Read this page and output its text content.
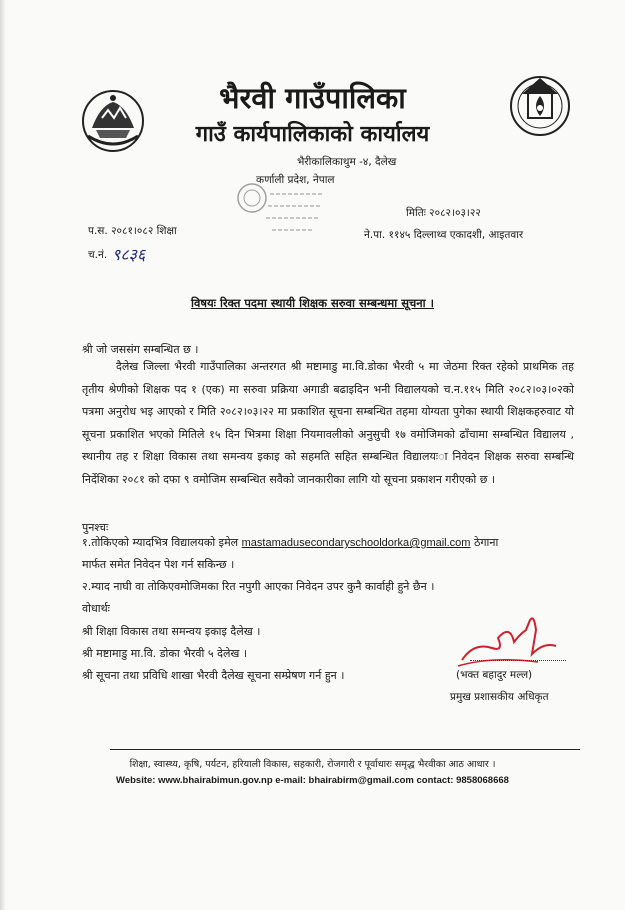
भैरवी गाउँपालिका
गाउँ कार्यपालिकाको कार्यालय
भैरीकालिकाथुम -४, दैलेख
कर्णाली प्रदेश, नेपाल
प.स. २०८१।०८२ शिक्षा
च.नं. ९८३६
मितिः २०८२।०३।२२
ने.पा. ११४५ दिल्लाथ्व एकादशी, आइतवार
विषयः रिक्त पदमा स्थायी शिक्षक सरुवा सम्बन्धमा सूचना ।
श्री जो जससंग सम्बन्धित छ ।
दैलेख जिल्ला भैरवी गाउँपालिका अन्तरगत श्री मष्टामाडु मा.वि.डोका भैरवी ५ मा जेठमा रिक्त रहेको प्राथमिक तह तृतीय श्रेणीको शिक्षक पद १ (एक) मा सरुवा प्रक्रिया अगाडी बढाइदिन भनी विद्यालयको च.न.११५ मिति २०८२।०३।०२को पत्रमा अनुरोध भइ आएको र मिति २०८२।०३।२२ मा प्रकाशित सूचना सम्बन्धित तहमा योग्यता पुगेका स्थायी शिक्षकहरुवाट यो सूचना प्रकाशित भएको मितिले १५ दिन भित्रमा शिक्षा नियमावलीको अनुसुची १७ वमोजिमको ढाँचामा सम्बन्धित विद्यालय , स्थानीय तह र शिक्षा विकास तथा समन्वय इकाइ को सहमति सहित सम्बन्धित विद्यालयःा निवेदन शिक्षक सरुवा सम्बन्धि निर्देशिका २०८१ को दफा ९ वमोजिम सम्बन्धित सवैको जानकारीका लागि यो सूचना प्रकाशन गरीएको छ ।
पुनश्चः
१.तोकिएको म्यादभित्र विद्यालयको इमेल mastamadusecondaryschooldorka@gmail.com ठेगाना
मार्फत समेत निवेदन पेश गर्न सकिन्छ ।
२.म्याद नाघी वा तोकिएवमोजिमका रित नपुगी आएका निवेदन उपर कुनै कार्वाही हुने छैन ।
वोधार्थः
श्री शिक्षा विकास तथा समन्वय इकाइ दैलेख ।
श्री मष्टामाडु मा.वि. डोका भैरवी ५ देलेख ।
श्री सूचना तथा प्रविधि शाखा भैरवी दैलेख सूचना सम्प्रेषण गर्न हुन ।	(भक्त बहादुर मल्ल)
प्रमुख प्रशासकीय अधिकृत
शिक्षा, स्वास्थ्य, कृषि, पर्यटन, हरियाली विकास, सहकारी, रोजगारी र पूर्वाधारः समृद्ध भैरवीका आठ आधार ।
Website: www.bhairabimun.gov.np e-mail: bhairabirm@gmail.com contact: 9858068668
